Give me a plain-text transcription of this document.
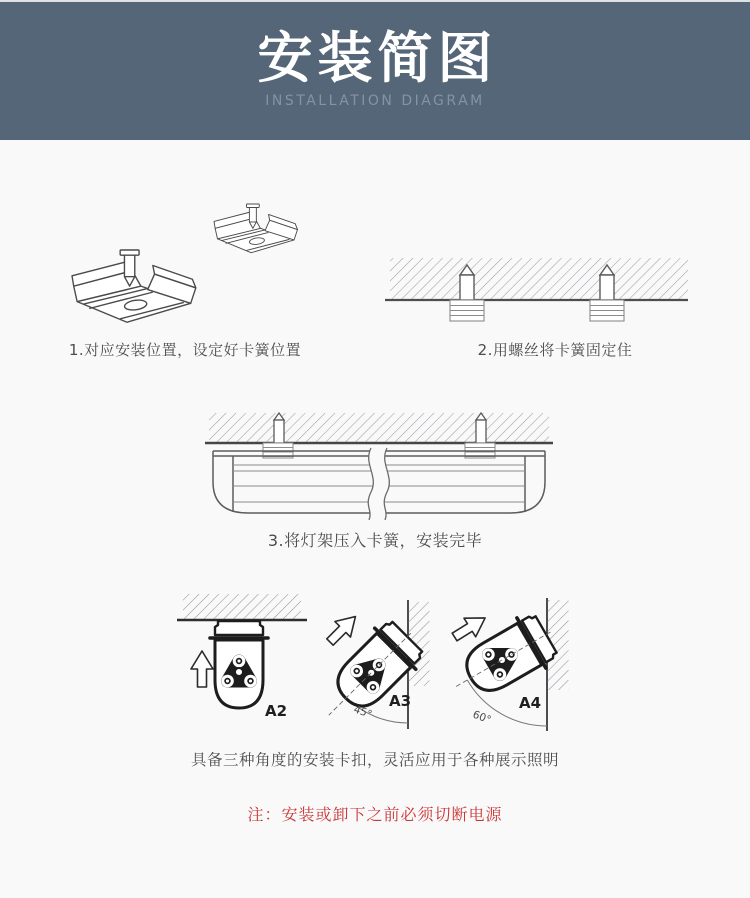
安装简图
INSTALLATION DIAGRAM
1.对应安装位置，设定好卡簧位置	2.用螺丝将卡簧固定住
3.将灯架压入卡簧，安装完毕
A2
A3
45°
A4
60°
具备三种角度的安装卡扣，灵活应用于各种展示照明
注：安装或卸下之前必须切断电源
